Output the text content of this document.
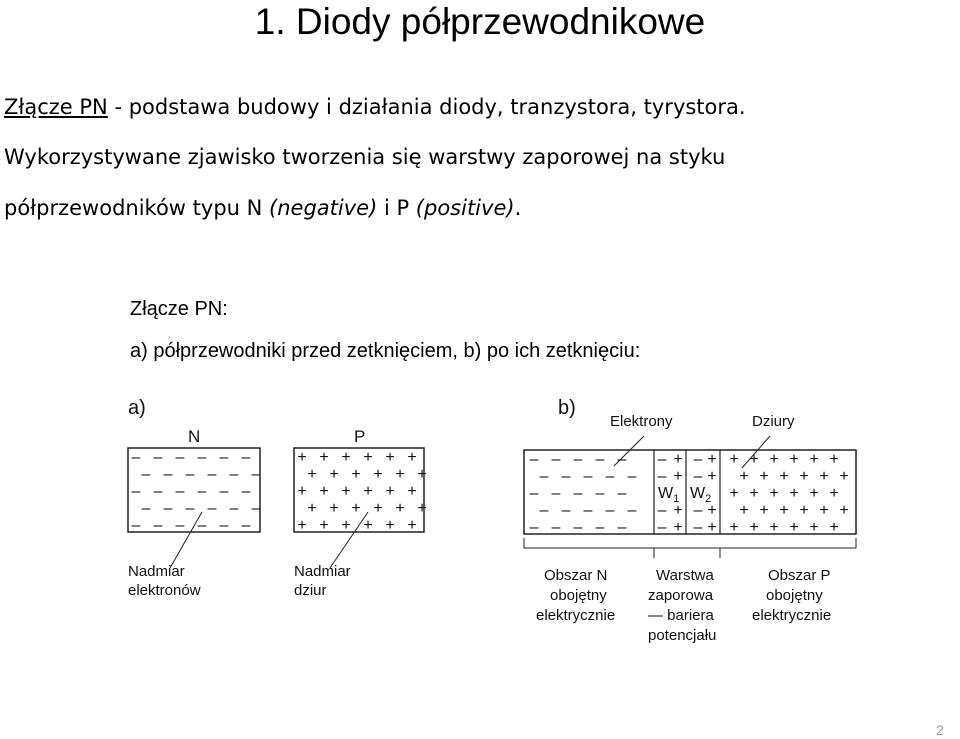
1. Diody półprzewodnikowe
Złącze PN - podstawa budowy i działania diody, tranzystora, tyrystora.
Wykorzystywane zjawisko tworzenia się warstwy zaporowej na styku
półprzewodników typu N (negative) i P (positive).
Złącze PN:
a) półprzewodniki przed zetknięciem, b) po ich zetknięciu:
a)
N	P
– – – – – –
– – – – – –
– – – – – –
– – – – – –
– – – – – –
+ + + + + +
+ + + + + +
+ + + + + +
+ + + + + +
+ + + + + +
Nadmiar
elektronów
Nadmiar
dziur
b)
Elektrony	Dziury
– – – – –	+ + + + + +
– + – +
– – – – –	+ + + + + +
– + – +
– – – – –	+ + + + + +
– – – – –	+ + + + + +
– + – +
– – – – –	+ + + + + +
– + – +
$W_1$ $W_2$
Obszar N
obojętny
elektrycznie
Warstwa
zaporowa
— bariera
potencjału
Obszar P
obojętny
elektrycznie
2
